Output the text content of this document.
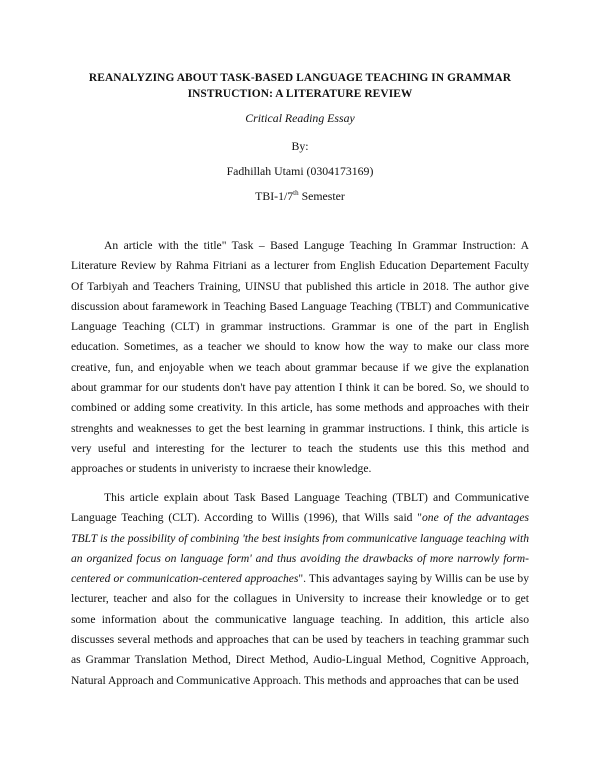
REANALYZING ABOUT TASK-BASED LANGUAGE TEACHING IN GRAMMAR INSTRUCTION: A LITERATURE REVIEW
Critical Reading Essay
By:
Fadhillah Utami (0304173169)
TBI-1/7th Semester

An article with the title" Task – Based Languge Teaching In Grammar Instruction: A Literature Review by Rahma Fitriani as a lecturer from English Education Departement Faculty Of Tarbiyah and Teachers Training, UINSU that published this article in 2018. The author give discussion about faramework in Teaching Based Language Teaching (TBLT) and Communicative Language Teaching (CLT) in grammar instructions. Grammar is one of the part in English education. Sometimes, as a teacher we should to know how the way to make our class more creative, fun, and enjoyable when we teach about grammar because if we give the explanation about grammar for our students don't have pay attention I think it can be bored. So, we should to combined or adding some creativity. In this article, has some methods and approaches with their strenghts and weaknesses to get the best learning in grammar instructions. I think, this article is very useful and interesting for the lecturer to teach the students use this this method and approaches or students in univeristy to incraese their knowledge.

This article explain about Task Based Language Teaching (TBLT) and Communicative Language Teaching (CLT). According to Willis (1996), that Wills said "one of the advantages TBLT is the possibility of combining 'the best insights from communicative language teaching with an organized focus on language form' and thus avoiding the drawbacks of more narrowly form-centered or communication-centered approaches". This advantages saying by Willis can be use by lecturer, teacher and also for the collagues in University to increase their knowledge or to get some information about the communicative language teaching. In addition, this article also discusses several methods and approaches that can be used by teachers in teaching grammar such as Grammar Translation Method, Direct Method, Audio-Lingual Method, Cognitive Approach, Natural Approach and Communicative Approach. This methods and approaches that can be used
